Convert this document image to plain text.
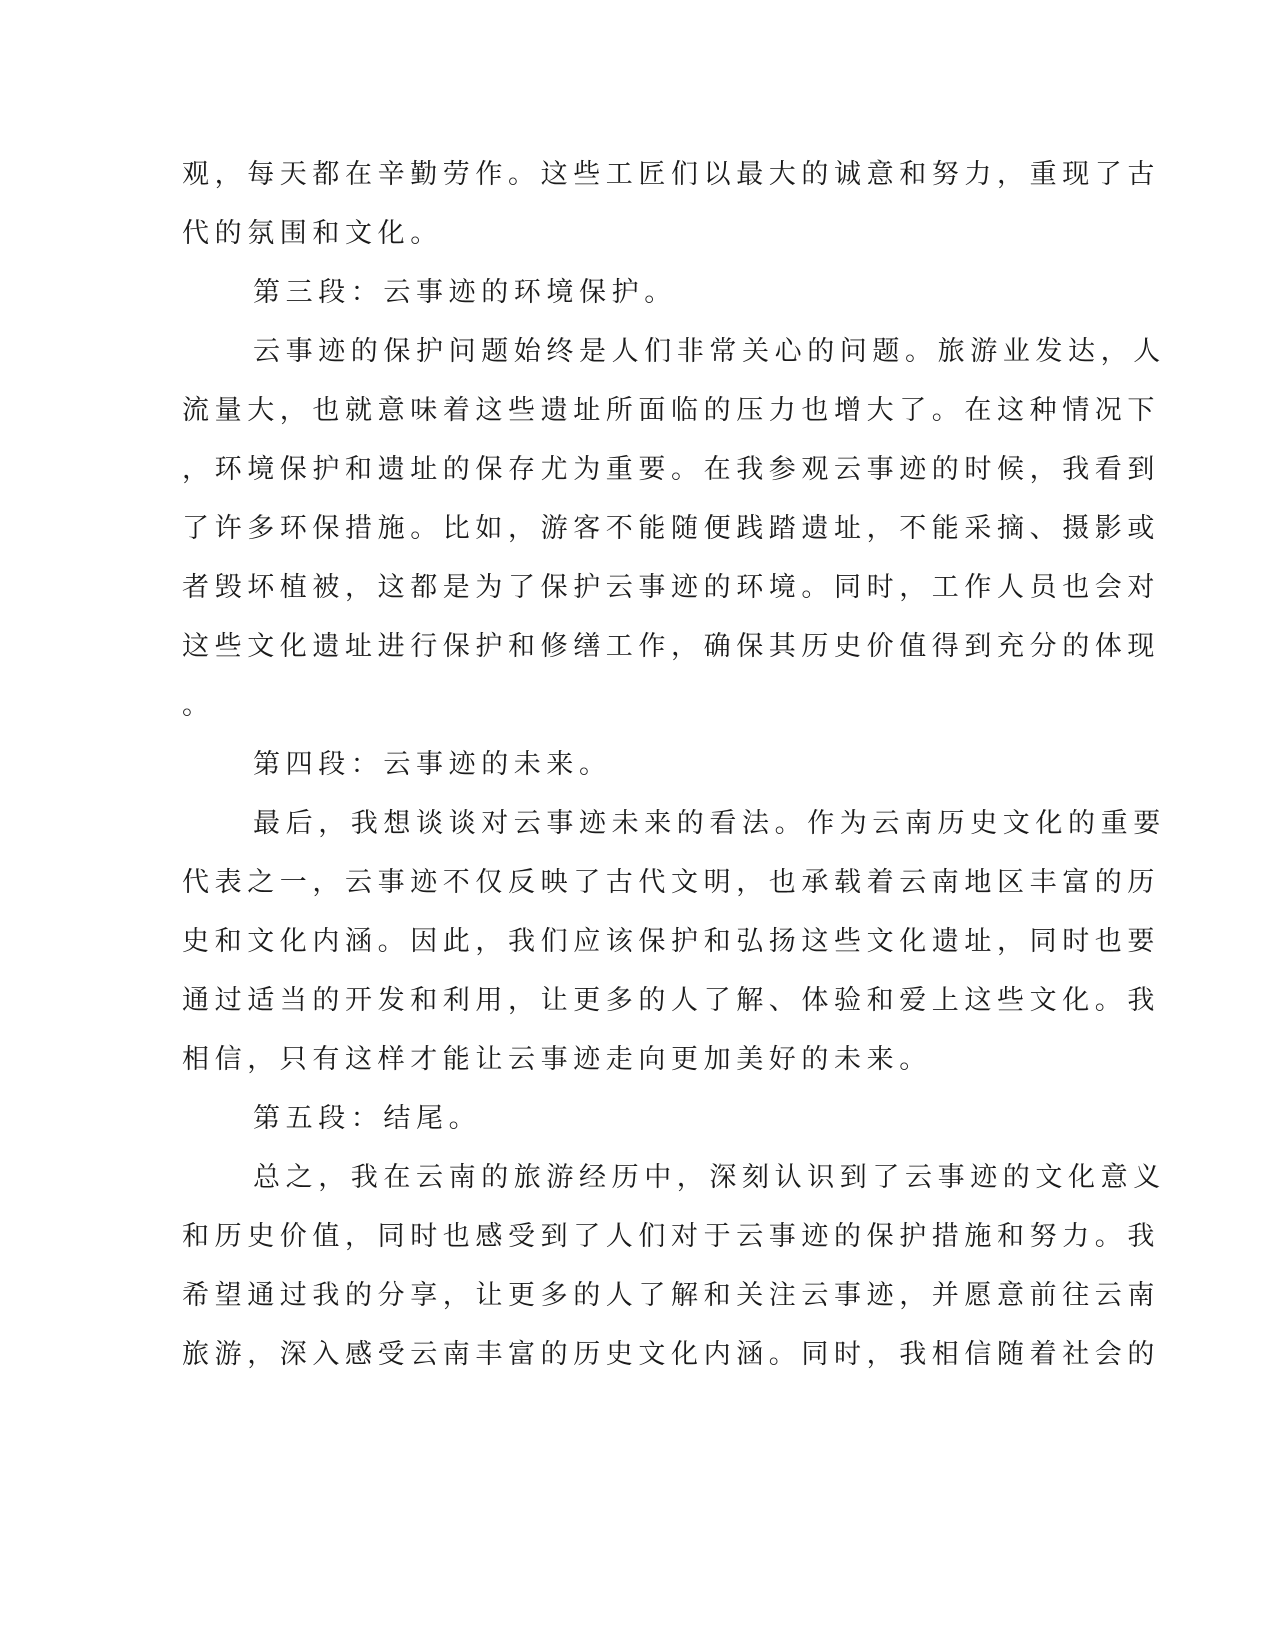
观，每天都在辛勤劳作。这些工匠们以最大的诚意和努力，重现了古
代的氛围和文化。
第三段：云事迹的环境保护。
云事迹的保护问题始终是人们非常关心的问题。旅游业发达，人
流量大，也就意味着这些遗址所面临的压力也增大了。在这种情况下
，环境保护和遗址的保存尤为重要。在我参观云事迹的时候，我看到
了许多环保措施。比如，游客不能随便践踏遗址，不能采摘、摄影或
者毁坏植被，这都是为了保护云事迹的环境。同时，工作人员也会对
这些文化遗址进行保护和修缮工作，确保其历史价值得到充分的体现
。
第四段：云事迹的未来。
最后，我想谈谈对云事迹未来的看法。作为云南历史文化的重要
代表之一，云事迹不仅反映了古代文明，也承载着云南地区丰富的历
史和文化内涵。因此，我们应该保护和弘扬这些文化遗址，同时也要
通过适当的开发和利用，让更多的人了解、体验和爱上这些文化。我
相信，只有这样才能让云事迹走向更加美好的未来。
第五段：结尾。
总之，我在云南的旅游经历中，深刻认识到了云事迹的文化意义
和历史价值，同时也感受到了人们对于云事迹的保护措施和努力。我
希望通过我的分享，让更多的人了解和关注云事迹，并愿意前往云南
旅游，深入感受云南丰富的历史文化内涵。同时，我相信随着社会的
